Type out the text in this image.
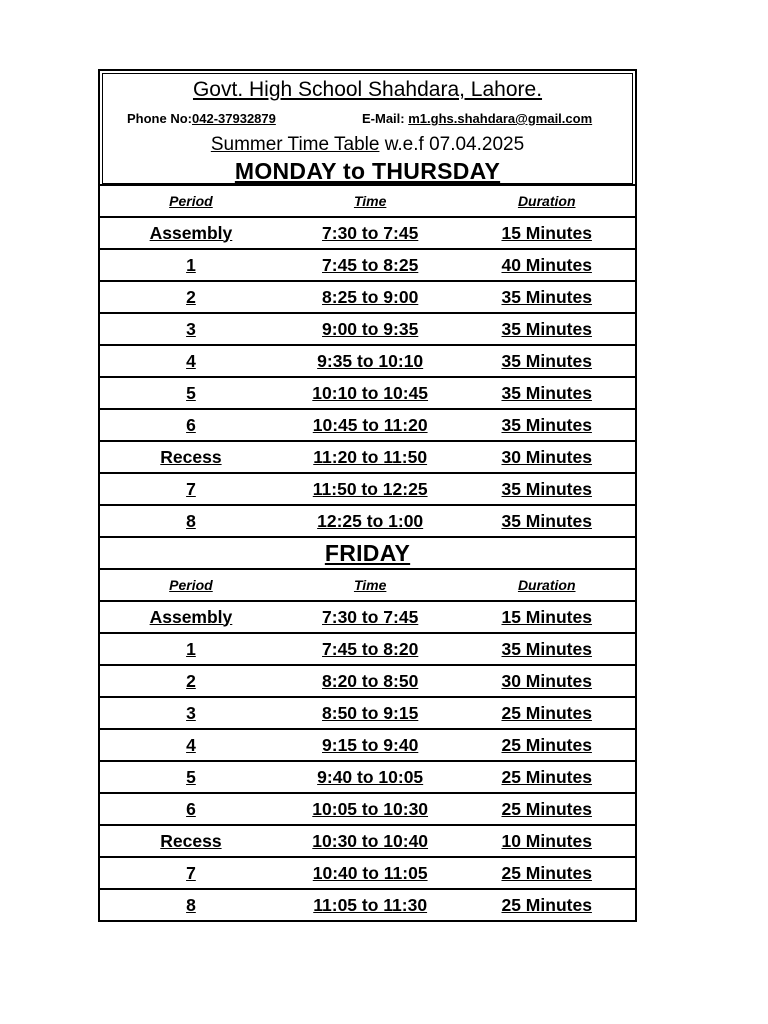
Govt. High School Shahdara, Lahore.
Phone No:042-37932879	E-Mail: m1.ghs.shahdara@gmail.com
Summer Time Table w.e.f 07.04.2025
MONDAY to THURSDAY
Period	Time	Duration
Assembly	7:30 to 7:45	15 Minutes
1	7:45 to 8:25	40 Minutes
2	8:25 to 9:00	35 Minutes
3	9:00 to 9:35	35 Minutes
4	9:35 to 10:10	35 Minutes
5	10:10 to 10:45	35 Minutes
6	10:45 to 11:20	35 Minutes
Recess	11:20 to 11:50	30 Minutes
7	11:50 to 12:25	35 Minutes
8	12:25 to 1:00	35 Minutes
FRIDAY		
Period	Time	Duration
Assembly	7:30 to 7:45	15 Minutes
1	7:45 to 8:20	35 Minutes
2	8:20 to 8:50	30 Minutes
3	8:50 to 9:15	25 Minutes
4	9:15 to 9:40	25 Minutes
5	9:40 to 10:05	25 Minutes
6	10:05 to 10:30	25 Minutes
Recess	10:30 to 10:40	10 Minutes
7	10:40 to 11:05	25 Minutes
8	11:05 to 11:30	25 Minutes
